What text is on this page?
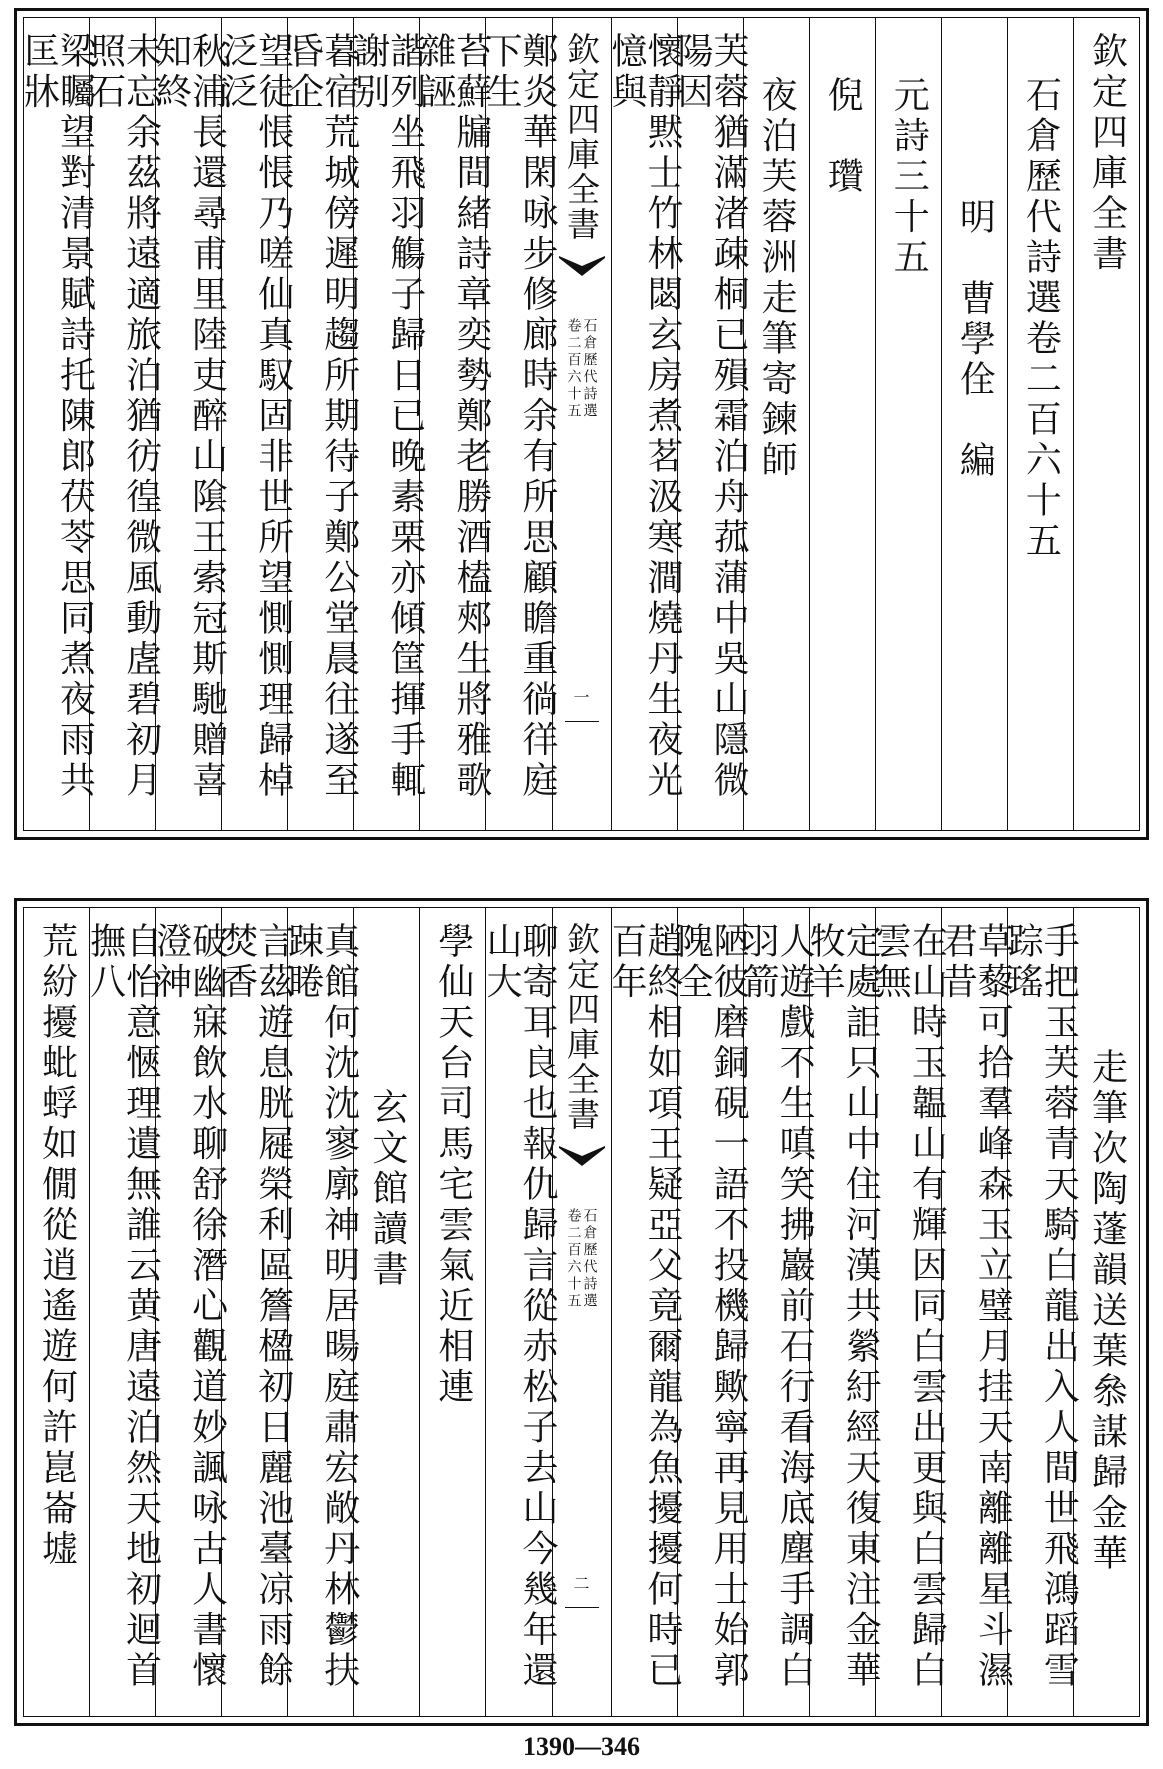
欽定四庫全書
石倉歷代詩選卷二百六十五
明　曹學佺　編
元詩三十五
倪　瓚
夜泊芙蓉洲走筆寄鍊師
芙蓉猶滿渚疎桐已殞霜泊舟菰蒲中吳山隱微陽因
懷靜黙士竹林閟玄房煮茗汲寒澗燒丹生夜光憶與
欽定四庫全書
石倉歷代詩選
卷二百六十五
一
鄭炎華閑咏步修廊時余有所思顧瞻重徜徉庭下生
苔蘚牖間緒詩章奕勢鄭老勝酒榼郟生將雅歌雜誣
諧列坐飛羽觴子歸日已晚素栗亦傾筐揮手輒謝别
暮宿荒城傍遲明趨所期待子鄭公堂晨往遂至昏企
望徒悵悵乃嗟仙真馭固非世所望惻惻理歸棹泛泛
秋浦長還尋甫里陸吏醉山隂王索冠斯馳贈喜知終
未忘余茲將遠適旅泊猶彷徨微風動虗碧初月照石
梁矚望對清景賦詩托陳郎茯苓思同煮夜雨共匡牀
走筆次陶蓬韻送葉叅謀歸金華
手把玉芙蓉青天騎白龍出入人間世飛鴻蹈雪踪瑤
草藜可拾羣峰森玉立璧月挂天南離離星斗濕君昔
在山時玉韞山有輝因同白雲出更與白雲歸白雲無
定處詎只山中住河漢共縈紆經天復東注金華牧羊
人遊戲不生嗔笑拂巖前石行看海底塵手調白羽箭
陋彼磨銅硯一語不投機歸歟寧再見用士始郭隗全
趙終相如項王疑亞父竟爾龍為魚擾擾何時已百年
欽定四庫全書
石倉歷代詩選
卷二百六十五
二
聊寄耳良也報仇歸言從赤松子去山今幾年還山大
學仙天台司馬宅雲氣近相連
玄文館讀書
真館何沈沈寥廓神明居暘庭肅宏敞丹林鬱扶踈睠
言茲遊息胱屣榮利區簷楹初日麗池臺凉雨餘焚香
破幽寐飲水聊舒徐潛心觀道妙諷咏古人書懷澄神
自怡意愜理遺無誰云黄唐遠泊然天地初迴首撫八
荒紛擾蚍蜉如僩從逍遙遊何許崑崙墟
1390—346
